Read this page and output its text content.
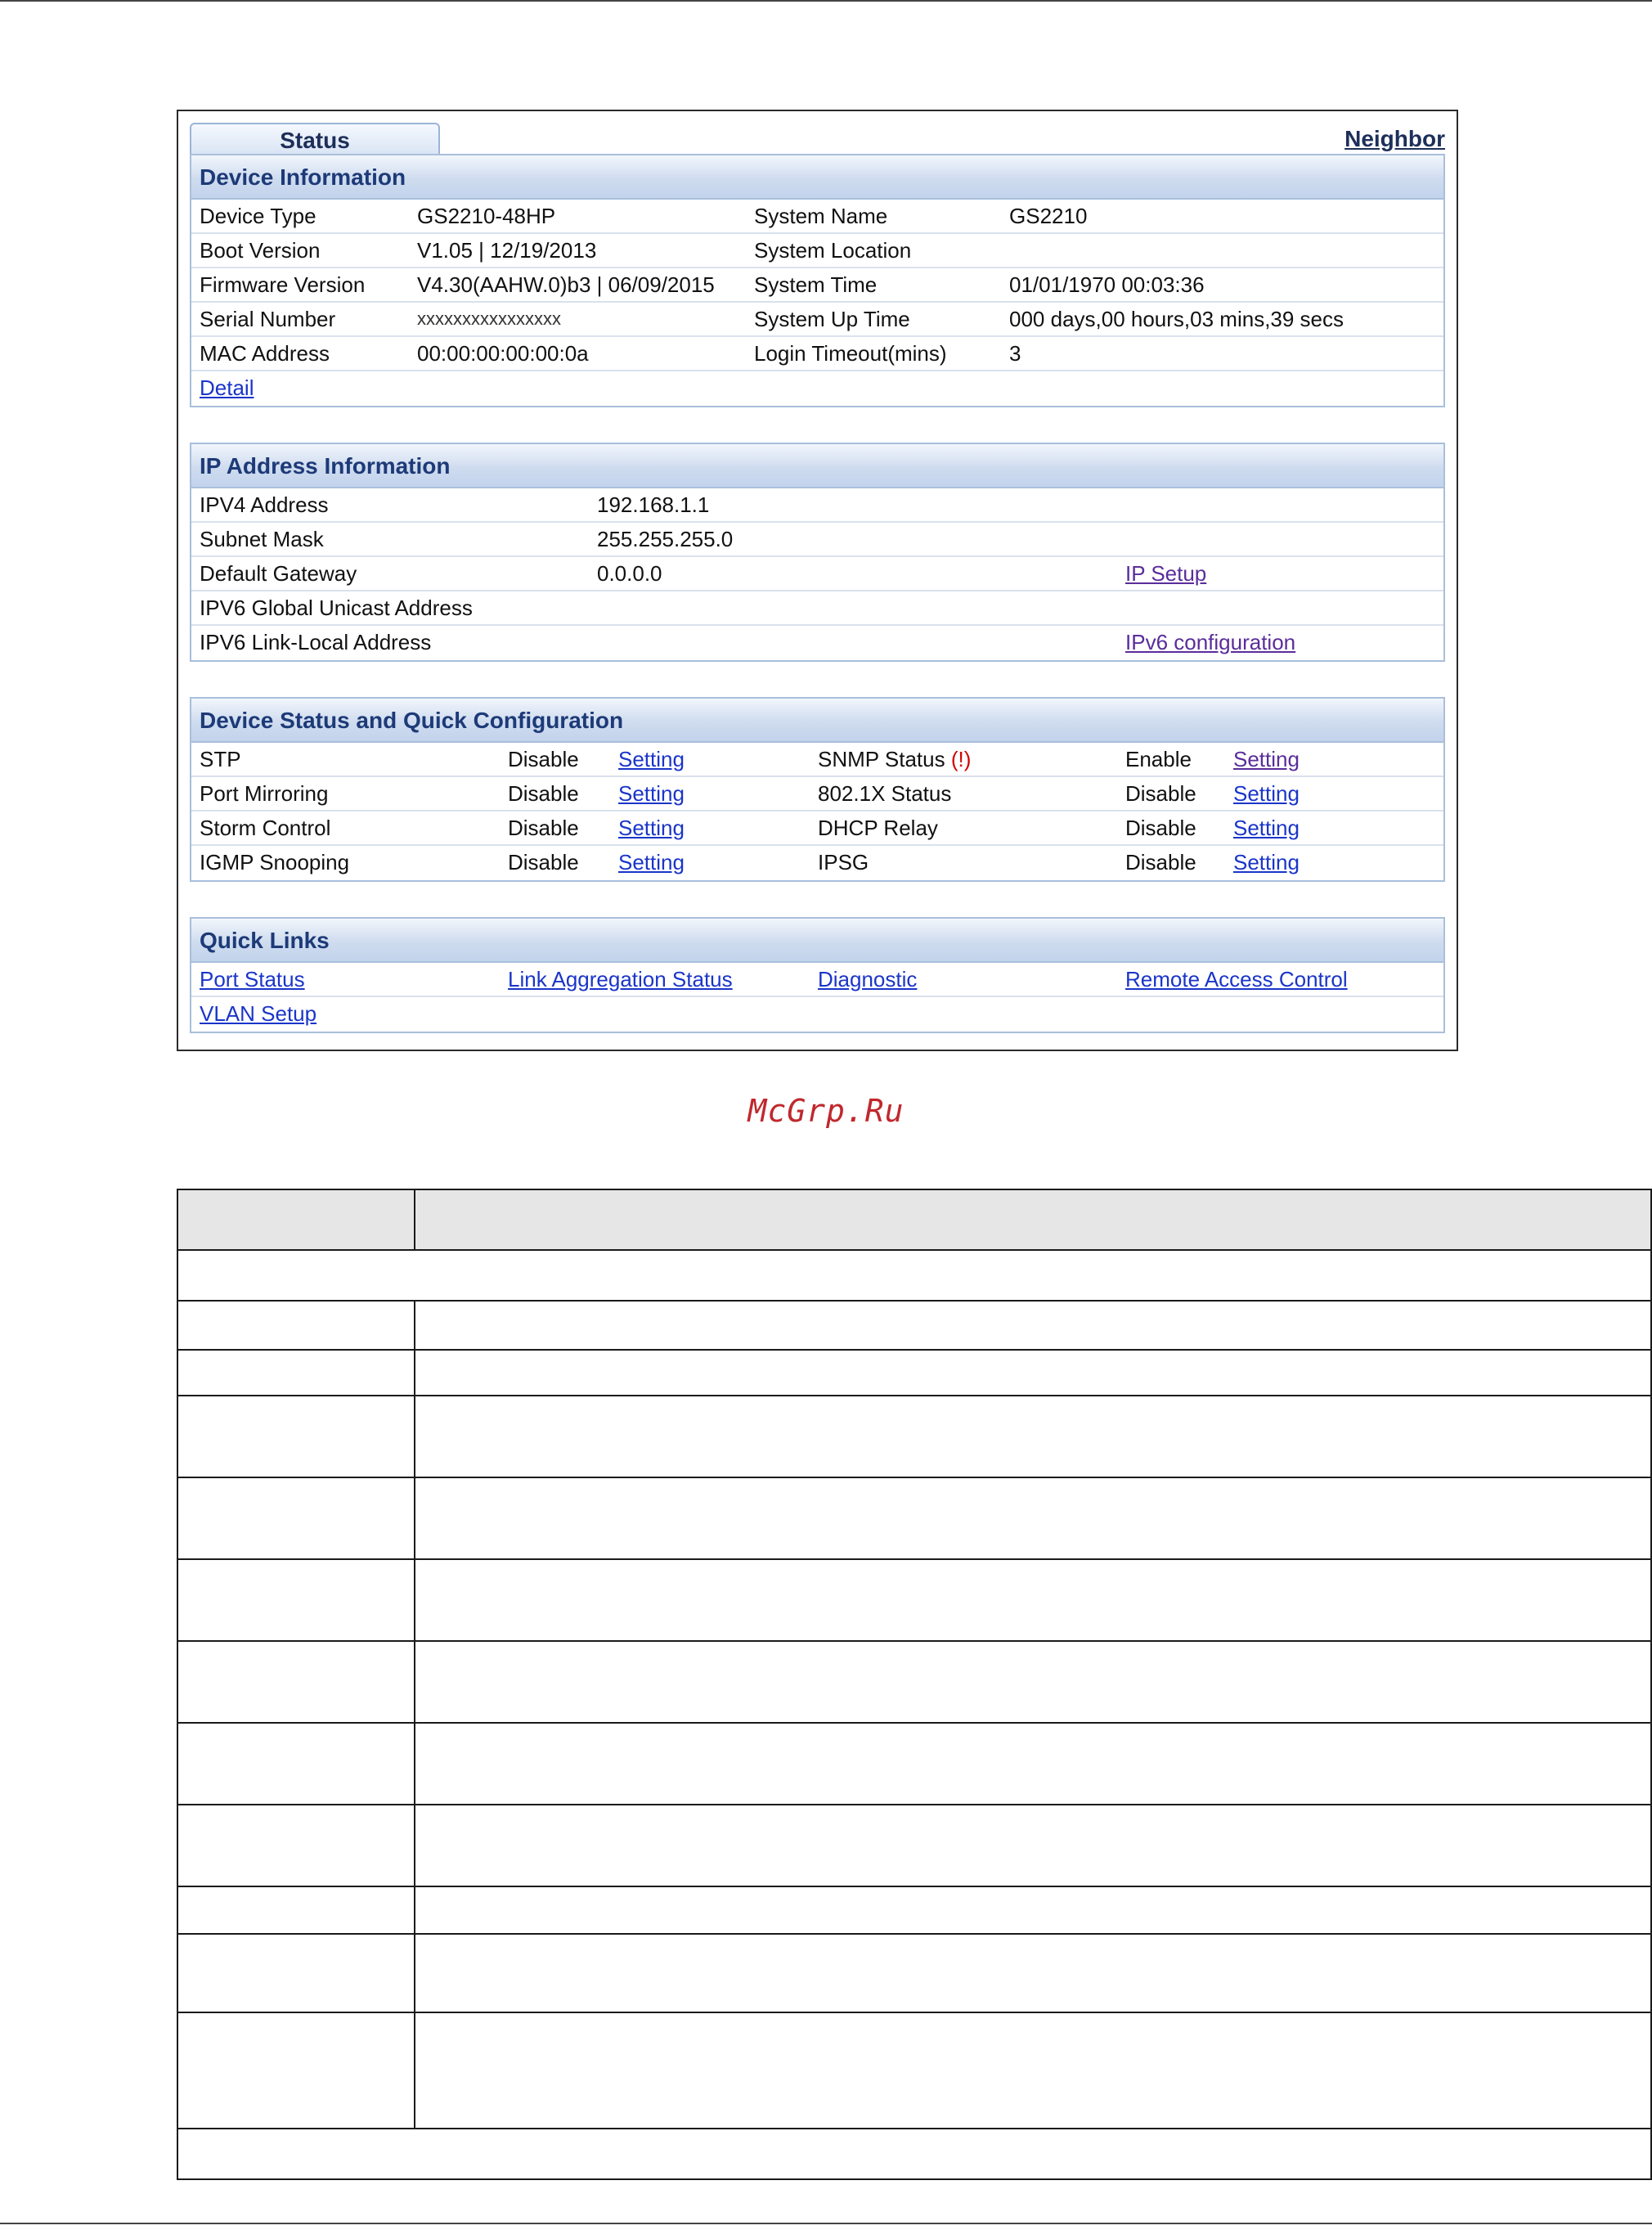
Status	Neighbor
Device Information
Device Type	GS2210-48HP	System Name	GS2210
Boot Version	V1.05 | 12/19/2013	System Location
Firmware Version V4.30(AAHW.0)b3 | 06/09/2015 System Time	01/01/1970 00:03:36
Serial Number	xxxxxxxxxxxxxxxx	System Up Time	000 days,00 hours,03 mins,39 secs
MAC Address	00:00:00:00:00:0a	Login Timeout(mins)	3
Detail
IP Address Information
IPV4 Address	192.168.1.1
Subnet Mask	255.255.255.0
Default Gateway	0.0.0.0	IP Setup
IPV6 Global Unicast Address
IPV6 Link-Local Address	IPv6 configuration
Device Status and Quick Configuration
STP	Disable Setting	SNMP Status (!)	Enable Setting
Port Mirroring	Disable Setting	802.1X Status	Disable Setting
Storm Control	Disable Setting	DHCP Relay	Disable Setting
IGMP Snooping	Disable Setting	IPSG	Disable Setting
Quick Links
Port Status	Link Aggregation Status	Diagnostic	Remote Access Control
VLAN Setup
McGrp.Ru
